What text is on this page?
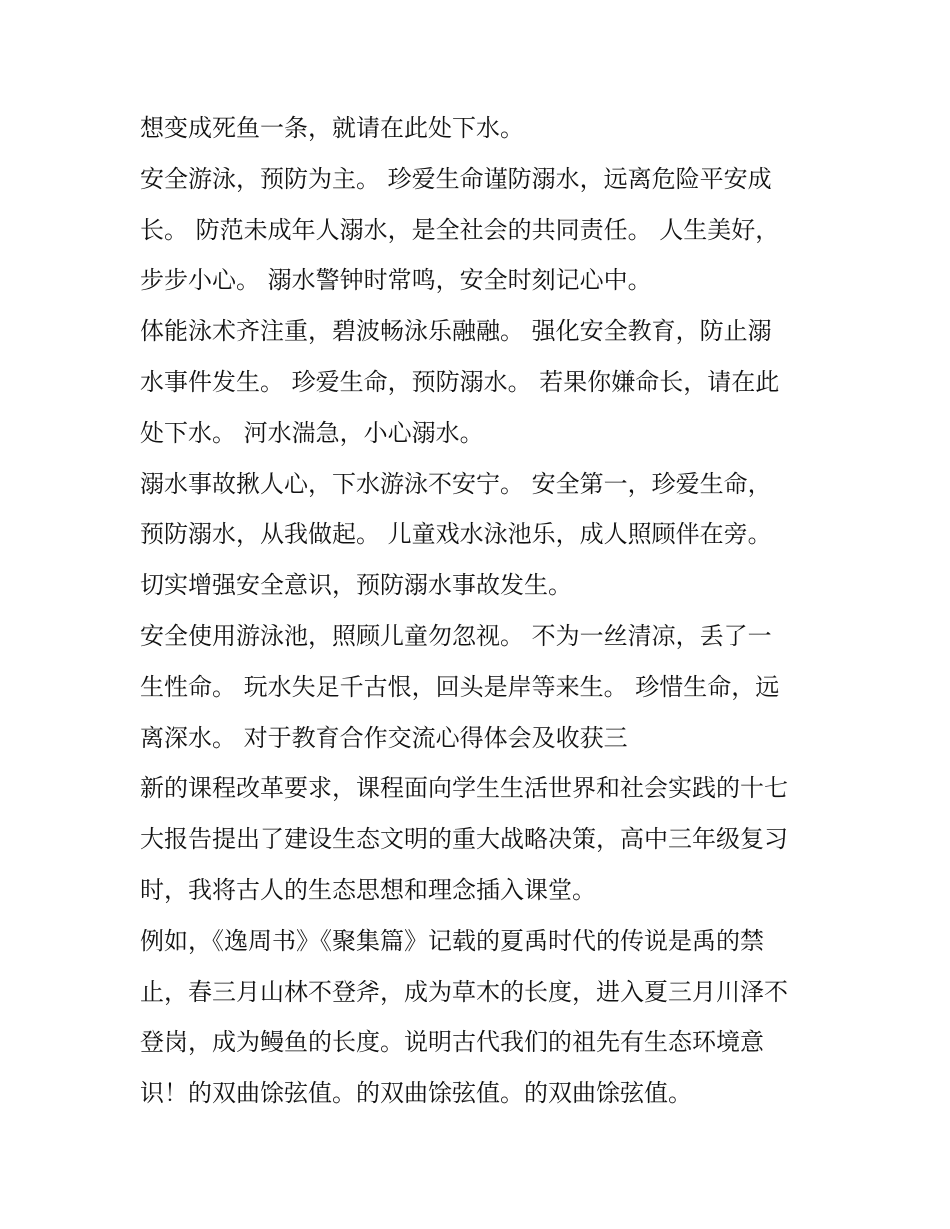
想变成死鱼一条，就请在此处下水。
安全游泳，预防为主。 珍爱生命谨防溺水，远离危险平安成
长。 防范未成年人溺水，是全社会的共同责任。 人生美好，
步步小心。 溺水警钟时常鸣，安全时刻记心中。
体能泳术齐注重，碧波畅泳乐融融。 强化安全教育，防止溺
水事件发生。 珍爱生命，预防溺水。 若果你嫌命长，请在此
处下水。 河水湍急，小心溺水。
溺水事故揪人心，下水游泳不安宁。 安全第一，珍爱生命，
预防溺水，从我做起。 儿童戏水泳池乐，成人照顾伴在旁。
切实增强安全意识，预防溺水事故发生。
安全使用游泳池，照顾儿童勿忽视。 不为一丝清凉，丢了一
生性命。 玩水失足千古恨，回头是岸等来生。 珍惜生命，远
离深水。 对于教育合作交流心得体会及收获三
新的课程改革要求，课程面向学生生活世界和社会实践的十七
大报告提出了建设生态文明的重大战略决策，高中三年级复习
时，我将古人的生态思想和理念插入课堂。
例如，《逸周书》《聚集篇》记载的夏禹时代的传说是禹的禁
止，春三月山林不登斧，成为草木的长度，进入夏三月川泽不
登岗，成为鳗鱼的长度。说明古代我们的祖先有生态环境意
识！的双曲馀弦值。的双曲馀弦值。的双曲馀弦值。
